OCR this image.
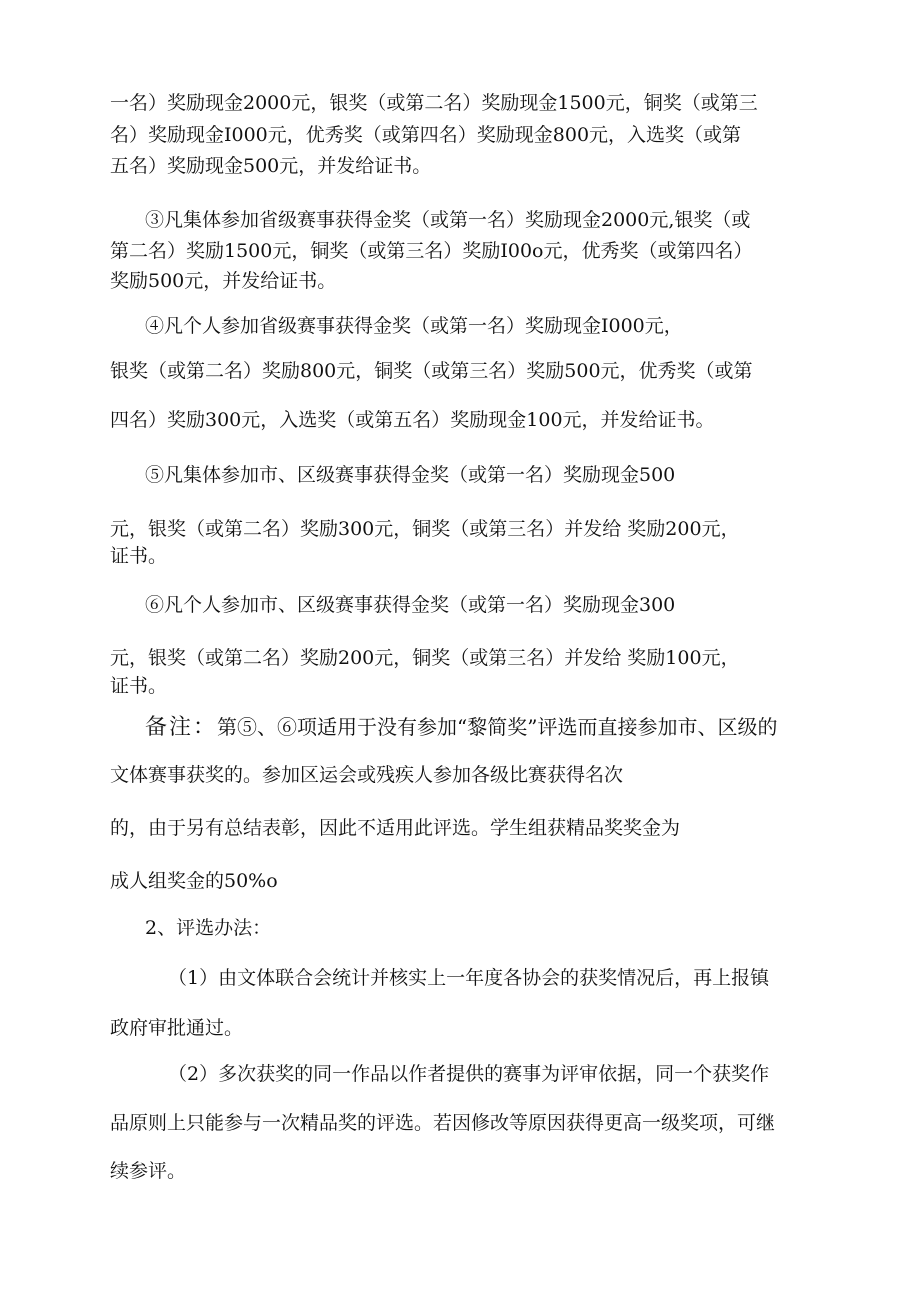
一名）奖励现金2000元，银奖（或第二名）奖励现金1500元，铜奖（或第三
名）奖励现金I000元，优秀奖（或第四名）奖励现金800元，入选奖（或第
五名）奖励现金500元，并发给证书。
③凡集体参加省级赛事获得金奖（或第一名）奖励现金2000元,银奖（或
第二名）奖励1500元，铜奖（或第三名）奖励I00o元，优秀奖（或第四名）
奖励500元，并发给证书。
④凡个人参加省级赛事获得金奖（或第一名）奖励现金I000元，
银奖（或第二名）奖励800元，铜奖（或第三名）奖励500元，优秀奖（或第
四名）奖励300元，入选奖（或第五名）奖励现金100元，并发给证书。
⑤凡集体参加市、区级赛事获得金奖（或第一名）奖励现金500
元，银奖（或第二名）奖励300元，铜奖（或第三名）并发给 奖励200元，
证书。
⑥凡个人参加市、区级赛事获得金奖（或第一名）奖励现金300
元，银奖（或第二名）奖励200元，铜奖（或第三名）并发给 奖励100元，
证书。
备注：第⑤、⑥项适用于没有参加“黎简奖”评选而直接参加市、区级的
文体赛事获奖的。参加区运会或残疾人参加各级比赛获得名次
的，由于另有总结表彰，因此不适用此评选。学生组获精品奖奖金为
成人组奖金的50%o
2、评选办法：
（1）由文体联合会统计并核实上一年度各协会的获奖情况后，再上报镇
政府审批通过。
（2）多次获奖的同一作品以作者提供的赛事为评审依据，同一个获奖作
品原则上只能参与一次精品奖的评选。若因修改等原因获得更高一级奖项，可继
续参评。
